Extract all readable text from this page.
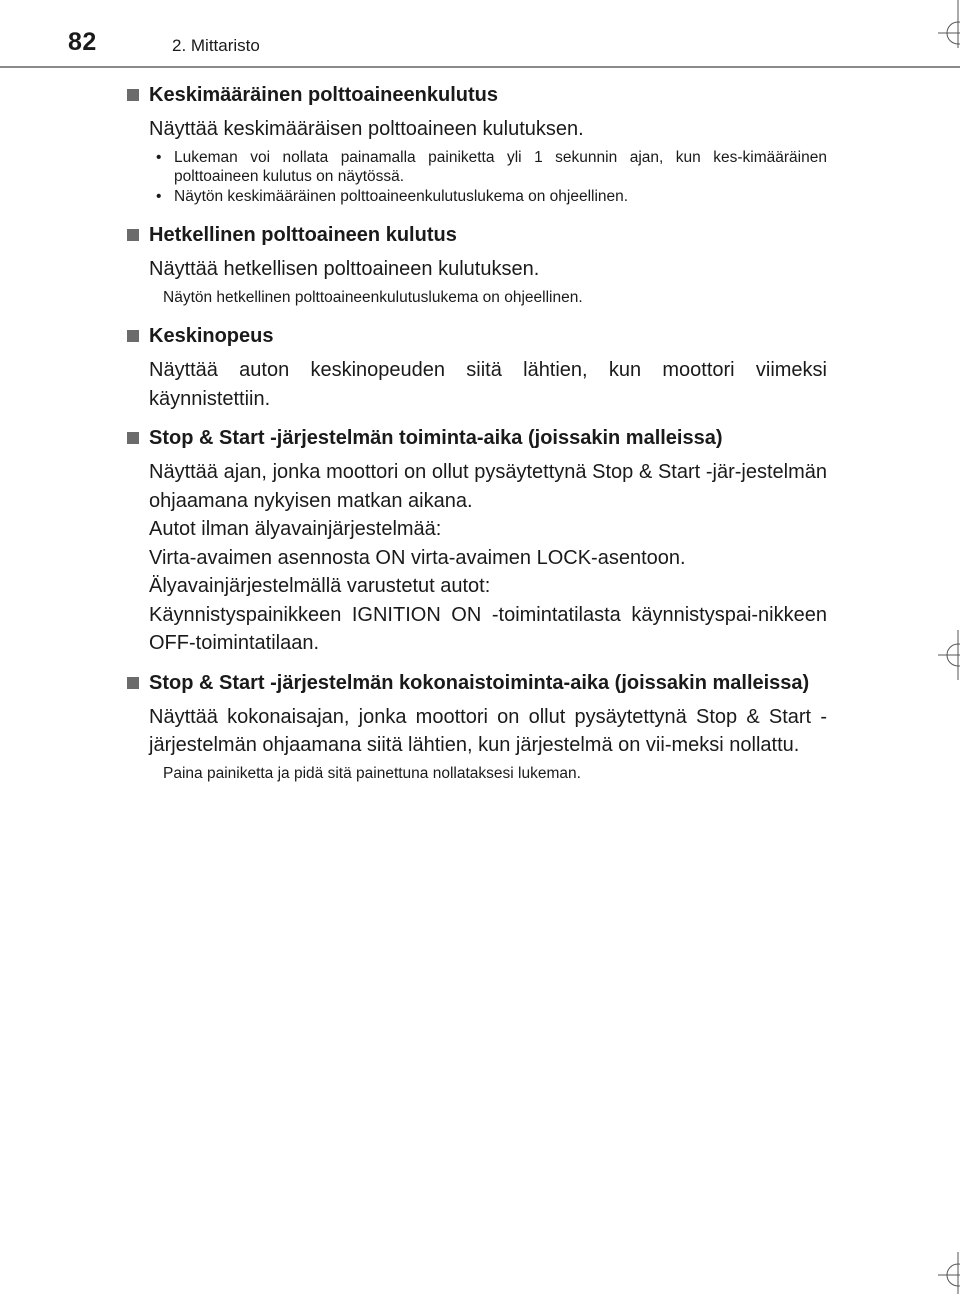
82	2. Mittaristo
Keskimääräinen polttoaineenkulutus

Näyttää keskimääräisen polttoaineen kulutuksen.

• Lukeman voi nollata painamalla painiketta yli 1 sekunnin ajan, kun kes-kimääräinen polttoaineen kulutus on näytössä.
• Näytön keskimääräinen polttoaineenkulutuslukema on ohjeellinen.
Hetkellinen polttoaineen kulutus

Näyttää hetkellisen polttoaineen kulutuksen.

Näytön hetkellinen polttoaineenkulutuslukema on ohjeellinen.

Keskinopeus

Näyttää auton keskinopeuden siitä lähtien, kun moottori viimeksi käynnistettiin.

Stop & Start -järjestelmän toiminta-aika (joissakin malleissa)

Näyttää ajan, jonka moottori on ollut pysäytettynä Stop & Start -jär-jestelmän ohjaamana nykyisen matkan aikana.
Autot ilman älyavainjärjestelmää:
Virta-avaimen asennosta ON virta-avaimen LOCK-asentoon.
Älyavainjärjestelmällä varustetut autot:
Käynnistyspainikkeen IGNITION ON -toimintatilasta käynnistyspai-nikkeen OFF-toimintatilaan.

Stop & Start -järjestelmän kokonaistoiminta-aika (joissakin malleissa)

Näyttää kokonaisajan, jonka moottori on ollut pysäytettynä Stop & Start -järjestelmän ohjaamana siitä lähtien, kun järjestelmä on vii-meksi nollattu.

Paina painiketta ja pidä sitä painettuna nollataksesi lukeman.
